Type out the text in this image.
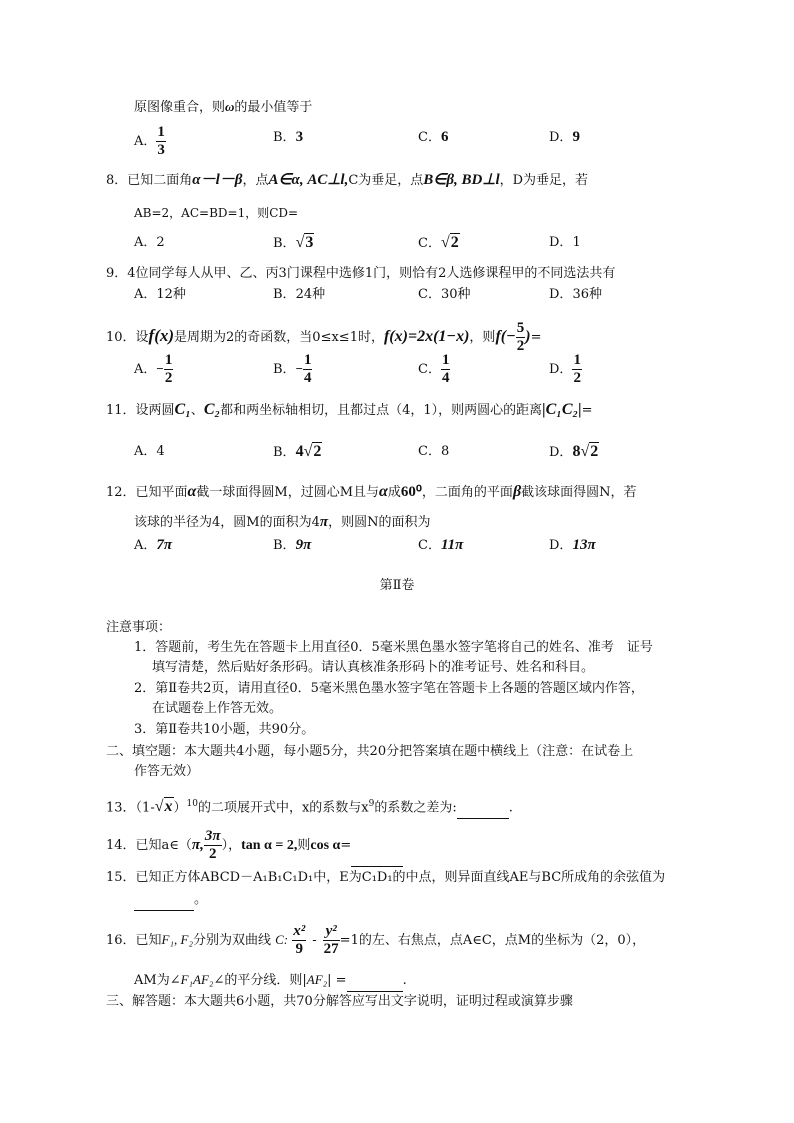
原图像重合，则ω的最小值等于
A． $\frac{1}{3}$	B．3	C．6	D．9
8．已知二面角α－l－β，点A∈α, AC⊥l,C为垂足，点B∈β, BD⊥l，D为垂足，若
AB=2，AC=BD=1，则CD=
A．2	B．√3	C．√2	D．1
9．4位同学每人从甲、乙、丙3门课程中选修1门，则恰有2人选修课程甲的不同选法共有
A．12种	B．24种	C．30种	D．36种
10．设f(x)是周期为2的奇函数，当0≤x≤1时，f(x)=2x(1−x)，则$f(- \frac{5}{2}$ )=
A．− $\frac{1}{2}$	B．− $\frac{1}{4}$	C． $\frac{1}{4}$	D． $\frac{1}{2}$
11．设两圆C₁、C₂都和两坐标轴相切，且都过点（4，1），则两圆心的距离|C₁C₂|=
A．4	B．4√2	C．8	D．8√2
12．已知平面α截一球面得圆M，过圆心M且与α成60⁰，二面角的平面β截该球面得圆N，若
该球的半径为4，圆M的面积为4π，则圆N的面积为
A．7π	B．9π	C．11π	D．13π
第Ⅱ卷
注意事项：
1．答题前，考生先在答题卡上用直径0．5毫米黑色墨水签字笔将自己的姓名、准考　证号
填写清楚，然后贴好条形码。请认真核准条形码卜的准考证号、姓名和科目。
2．第Ⅱ卷共2页，请用直径0．5毫米黑色墨水签字笔在答题卡上各题的答题区域内作答，
在试题卷上作答无效。
3．第Ⅱ卷共10小题，共90分。
二、填空题：本大题共4小题，每小题5分，共20分把答案填在题中横线上（注意：在试卷上
作答无效）
13．$(1-√x)^{10}$的二项展开式中，x的系数与$x^9$的系数之差为:	.
14．已知a∈（π, $\frac{3\pi}{2}$ ），tan α = 2,则cos α=
15．已知正方体ABCD－A₁B₁C₁D₁中，E为C₁D₁的中点，则异面直线AE与BC所成角的余弦值为
。
16．已知F₁, F₂分别为双曲线 C: $\frac{\text{x²}}{9} - \frac{\text{y²}}{27} =1$的左、右焦点，点A∈C，点M的坐标为（2，0），
AM为∠F₁AF₂∠的平分线．则|AF₂| =	.
三、解答题：本大题共6小题，共70分解答应写出文字说明，证明过程或演算步骤
